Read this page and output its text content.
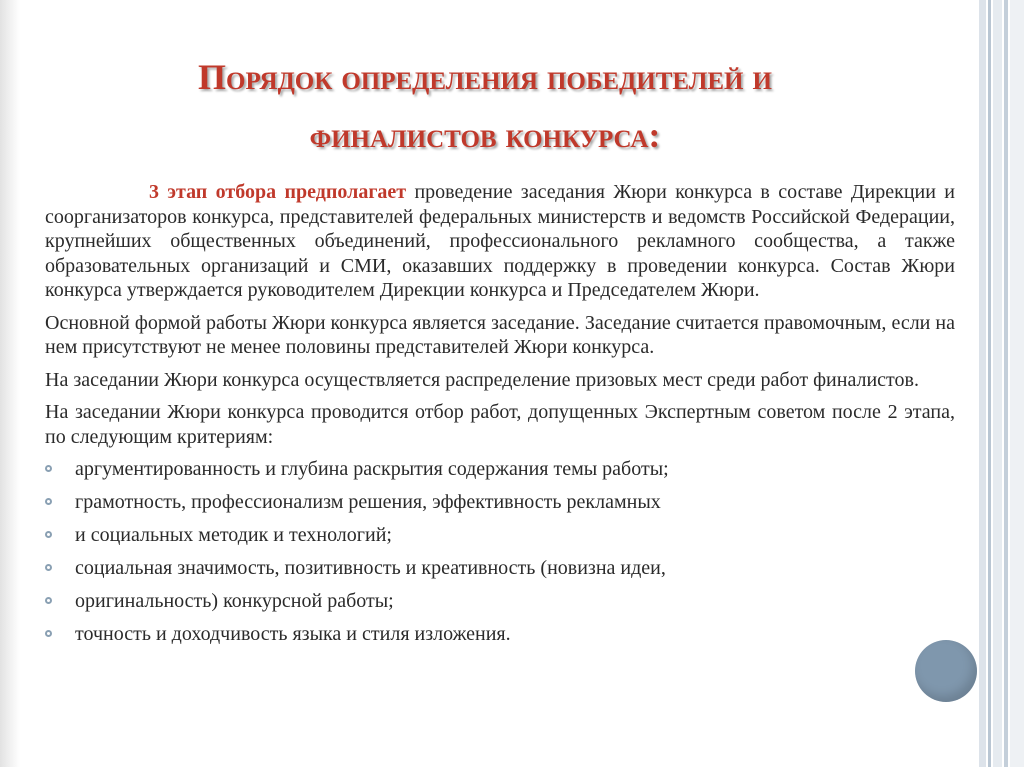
Порядок определения победителей и
финалистов конкурса:

3 этап отбора предполагает проведение заседания Жюри конкурса в составе Дирекции и соорганизаторов конкурса, представителей федеральных министерств и ведомств Российской Федерации, крупнейших общественных объединений, профессионального рекламного сообщества, а также образовательных организаций и СМИ, оказавших поддержку в проведении конкурса. Состав Жюри конкурса утверждается руководителем Дирекции конкурса и Председателем Жюри.

Основной формой работы Жюри конкурса является заседание. Заседание считается правомочным, если на нем присутствуют не менее половины представителей Жюри конкурса.

На заседании Жюри конкурса осуществляется распределение призовых мест среди работ финалистов.

На заседании Жюри конкурса проводится отбор работ, допущенных Экспертным советом после 2 этапа, по следующим критериям:

аргументированность и глубина раскрытия содержания темы работы;
грамотность, профессионализм решения, эффективность рекламных
и социальных методик и технологий;
социальная значимость, позитивность и креативность (новизна идеи,
оригинальность) конкурсной работы;
точность и доходчивость языка и стиля изложения.
